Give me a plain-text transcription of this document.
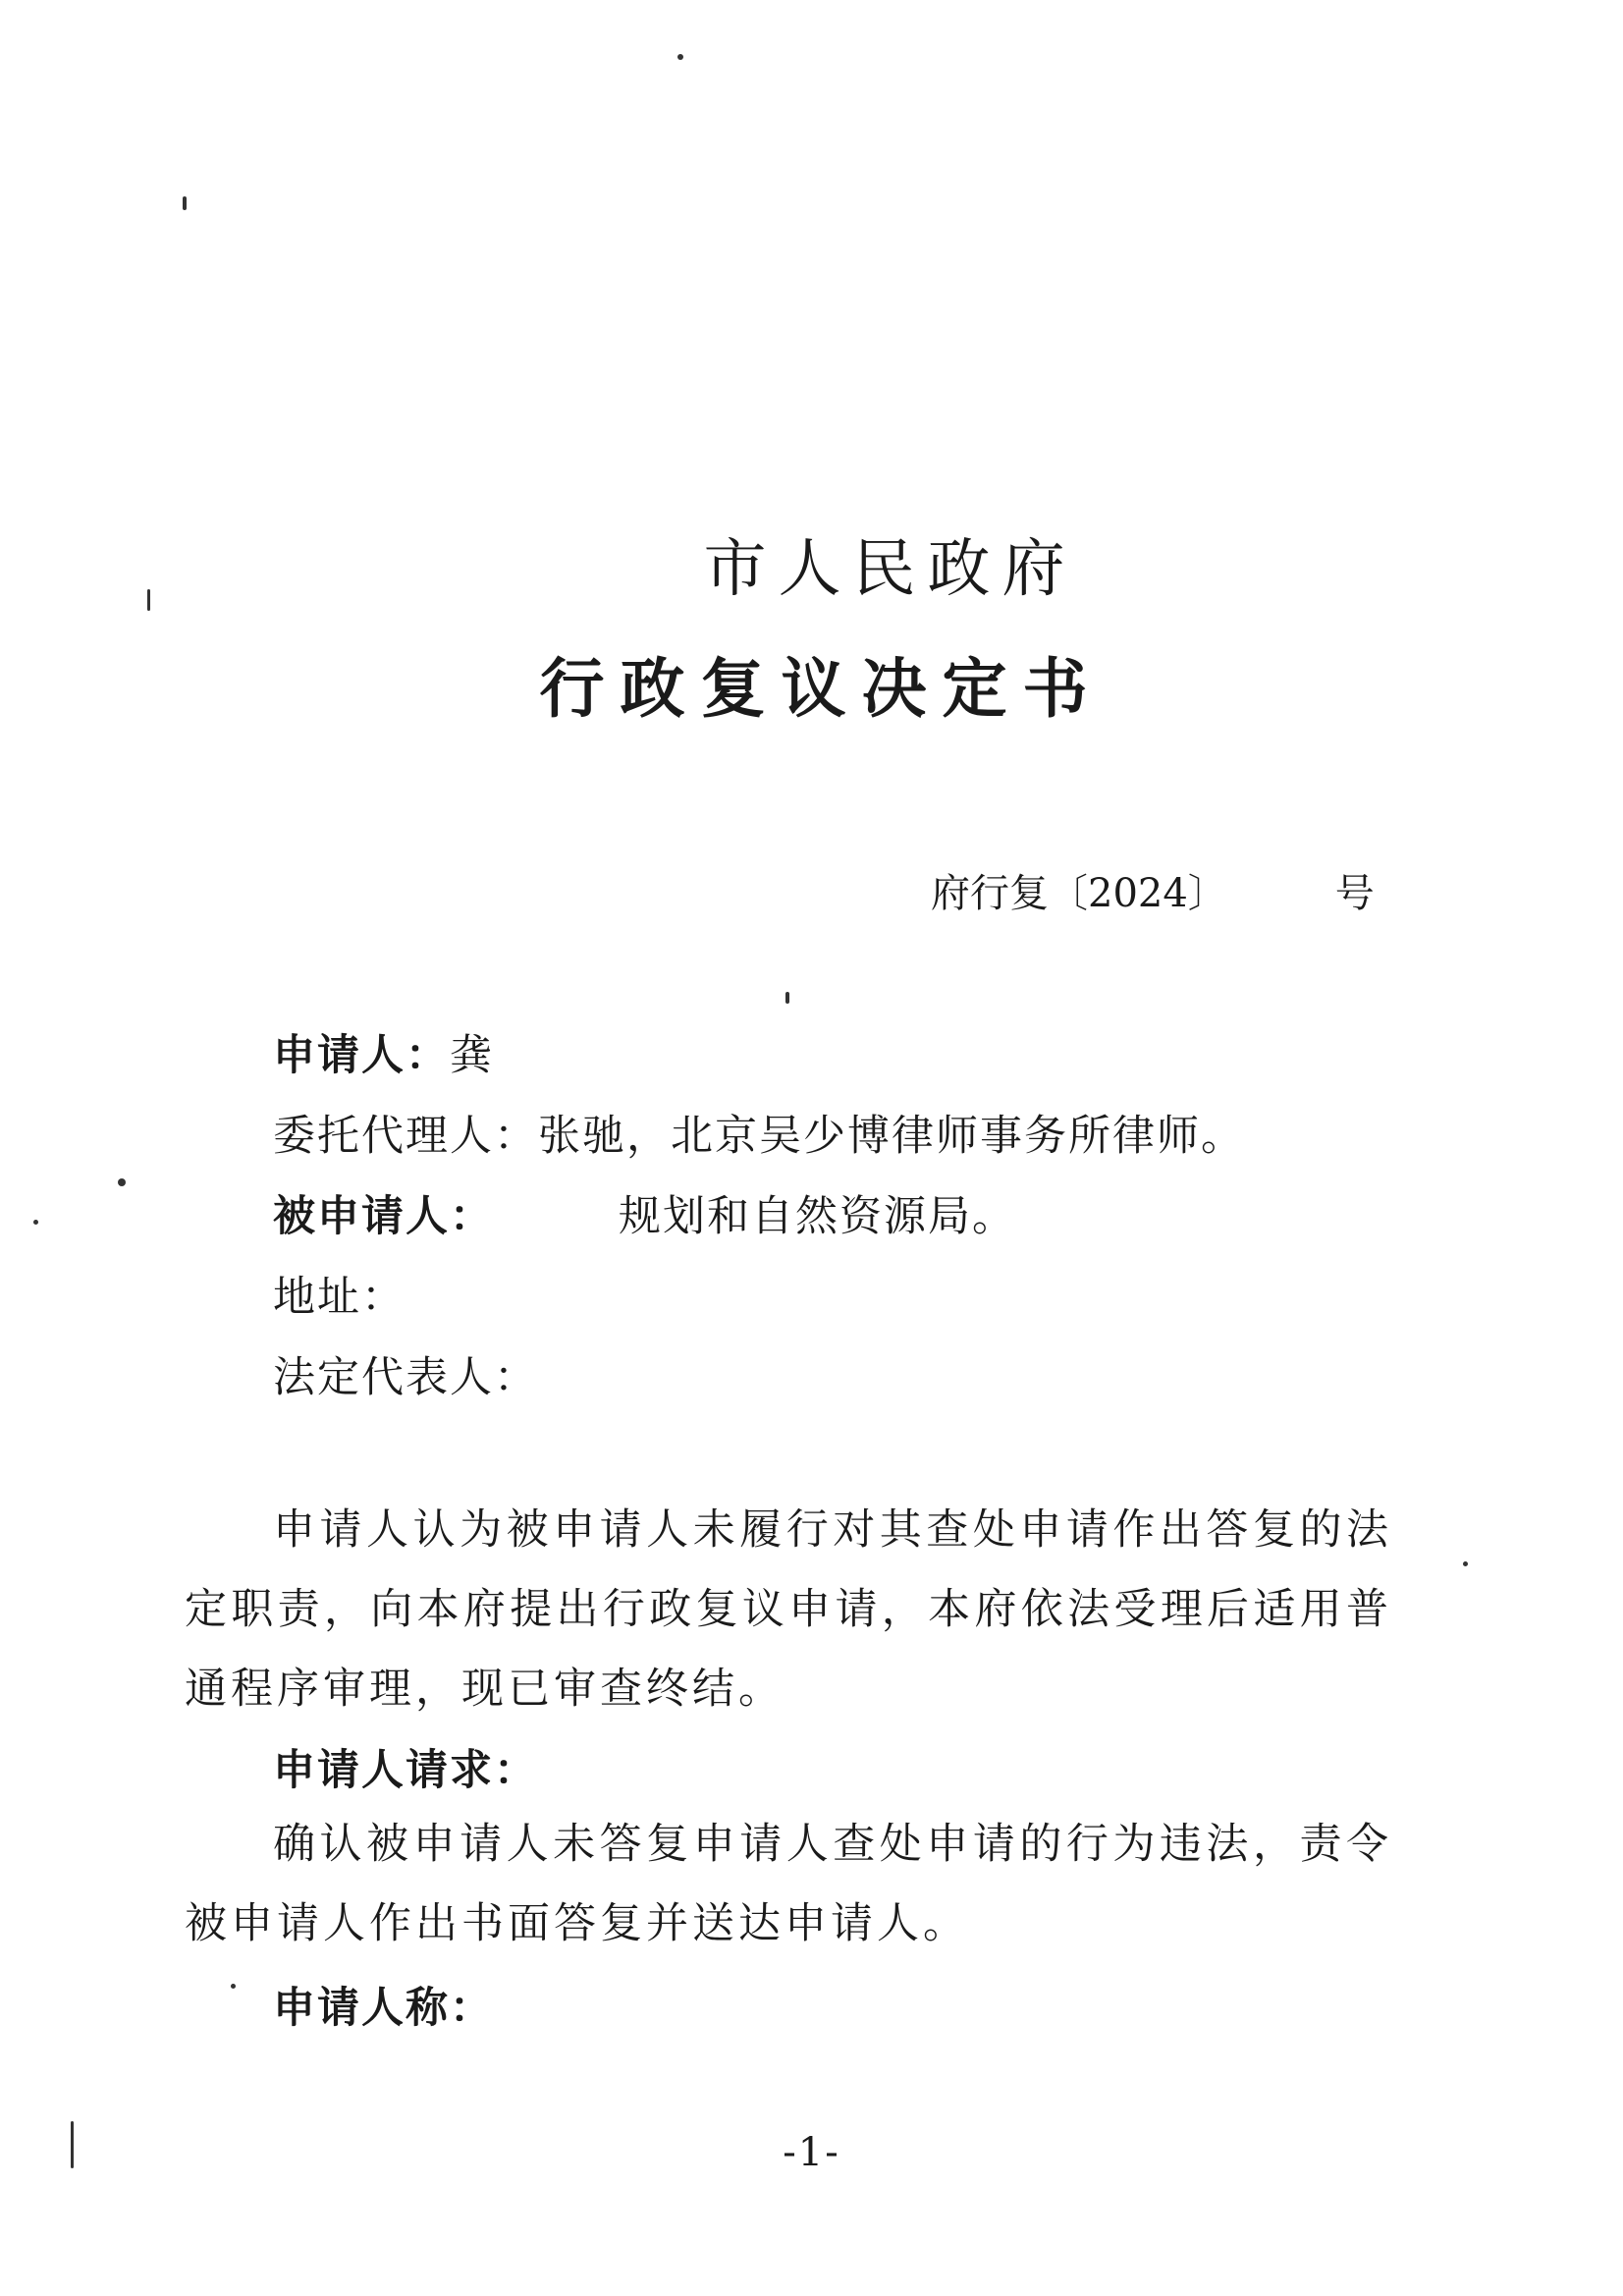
市人民政府
行政复议决定书
府行复〔2024〕	号
申请人：龚
委托代理人：张驰，北京吴少博律师事务所律师。
被申请人：	规划和自然资源局。
地址：
法定代表人：

申请人认为被申请人未履行对其查处申请作出答复的法定职责，向本府提出行政复议申请，本府依法受理后适用普通程序审理，现已审查终结。

申请人请求：

确认被申请人未答复申请人查处申请的行为违法，责令被申请人作出书面答复并送达申请人。

申请人称：
-1-
